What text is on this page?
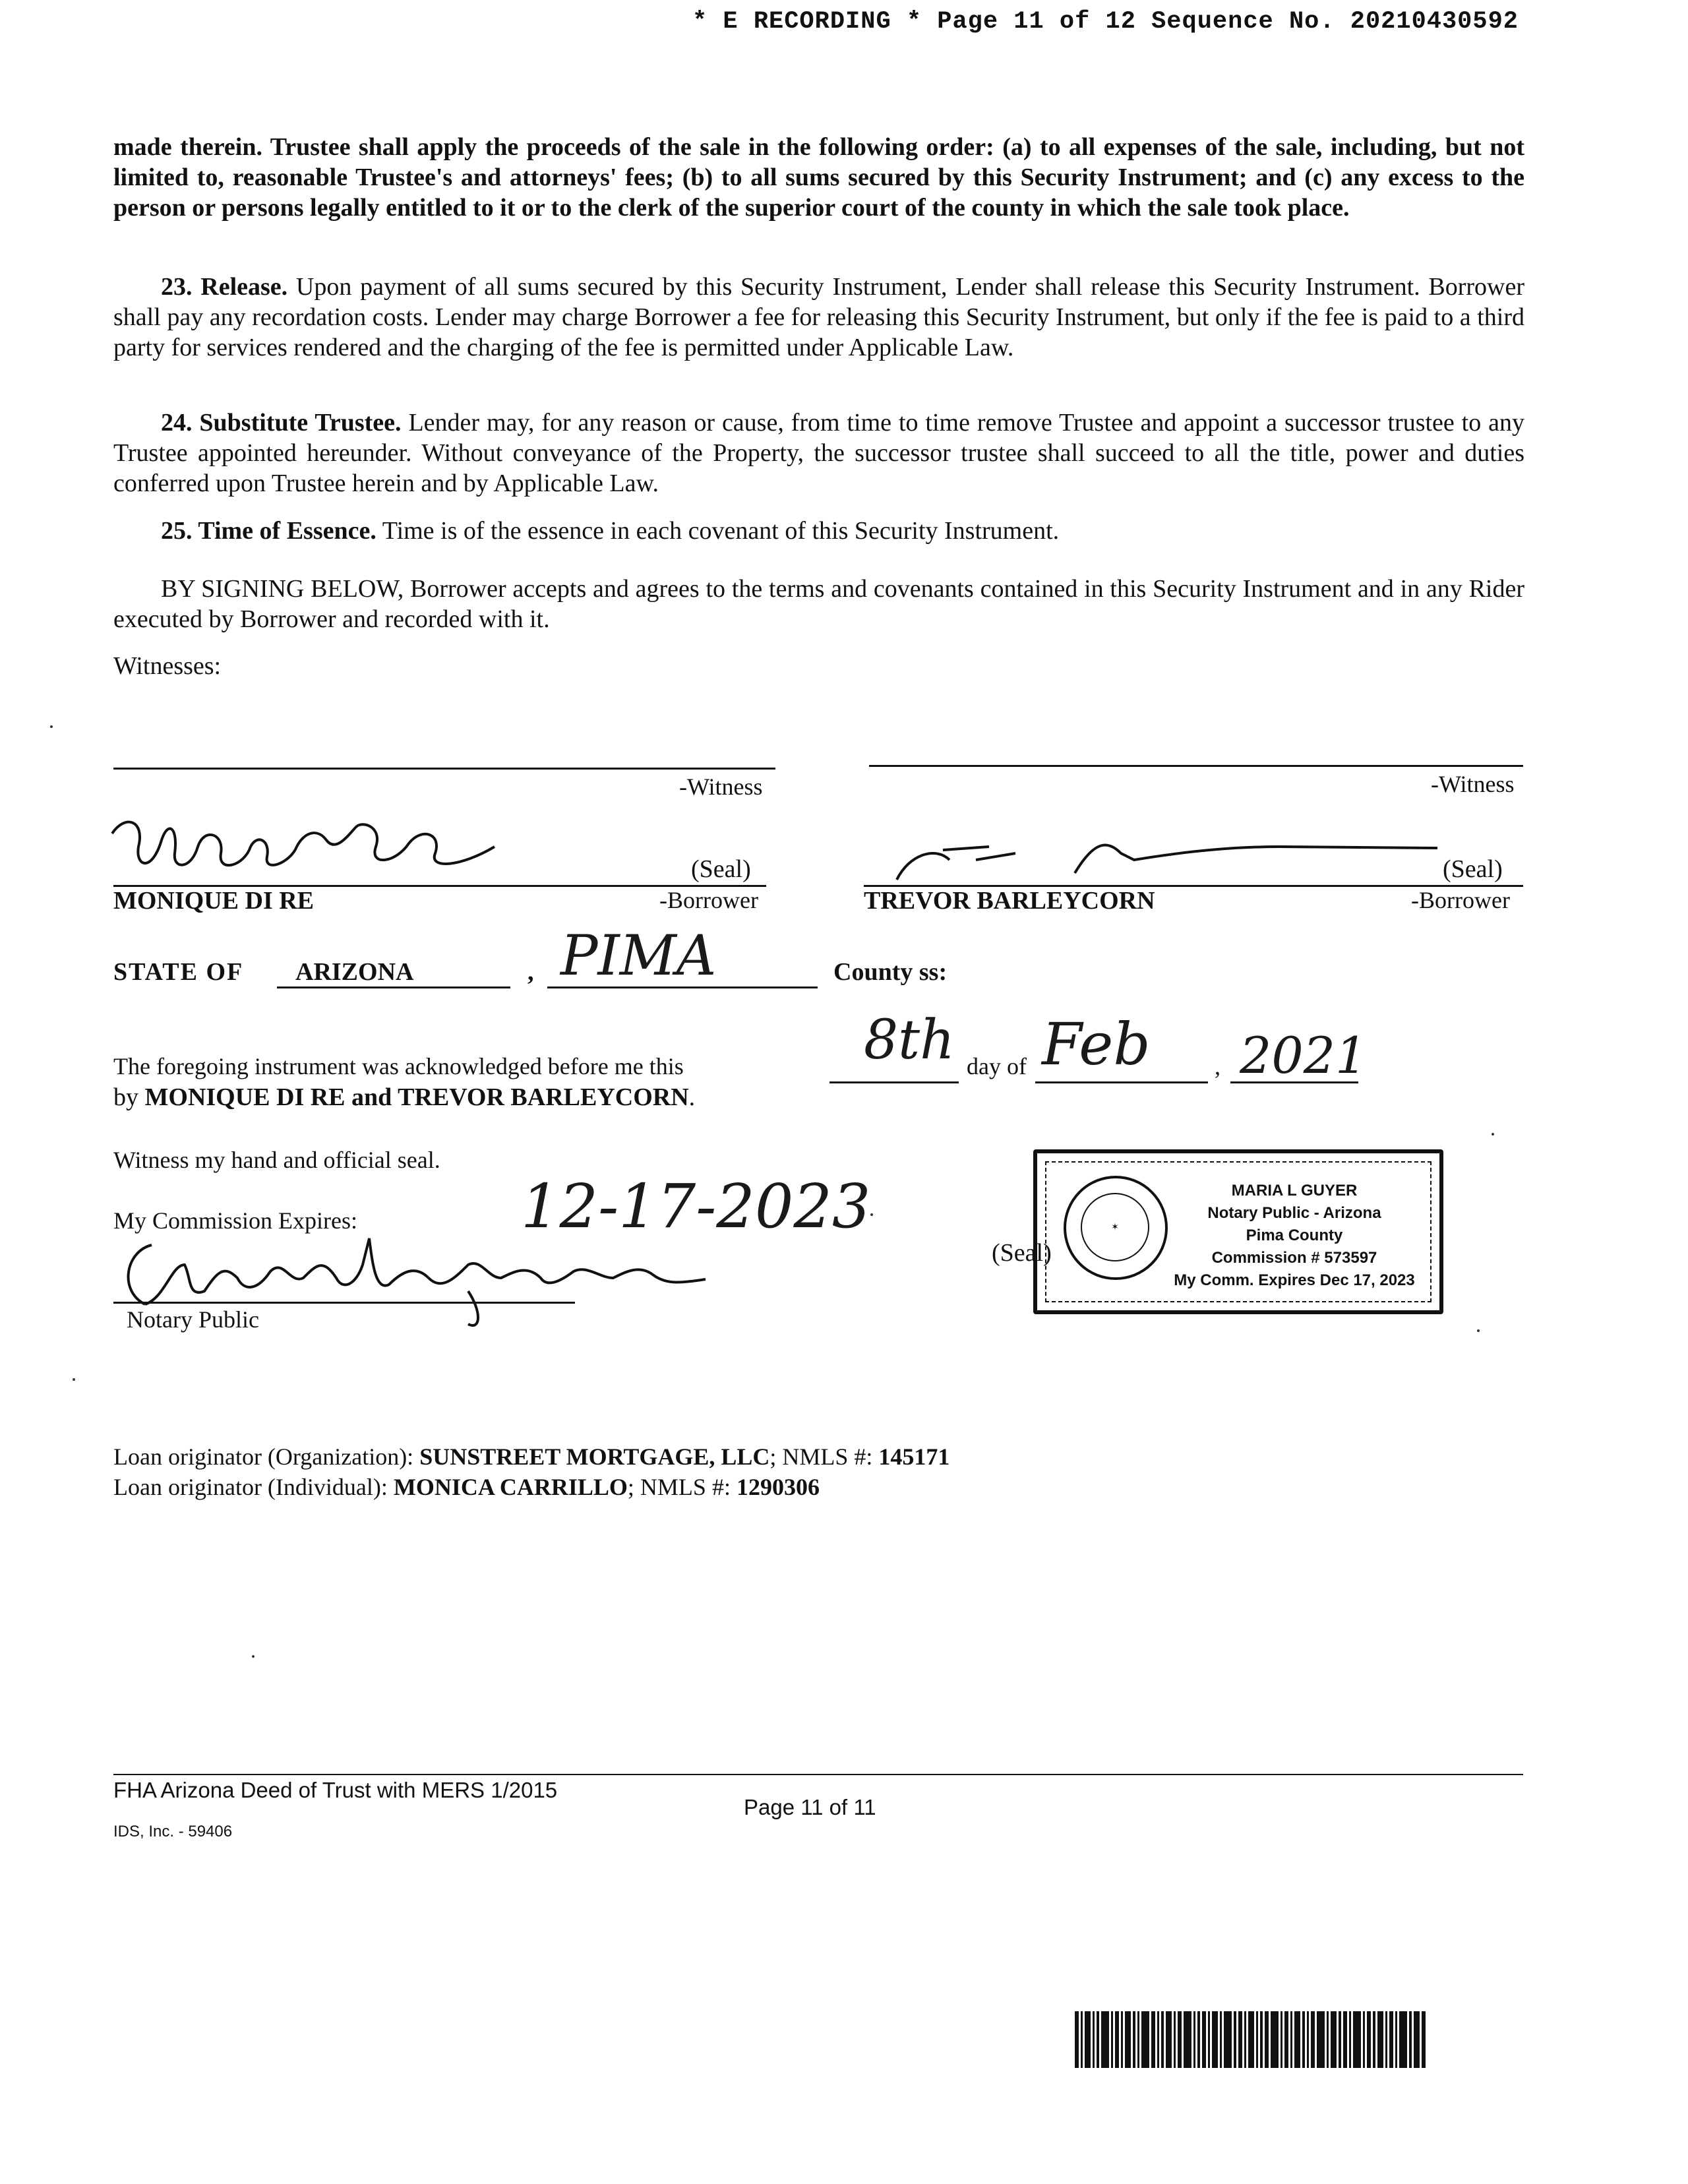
* E RECORDING * Page 11 of 12 Sequence No. 20210430592

made therein. Trustee shall apply the proceeds of the sale in the following order: (a) to all expenses of the sale, including, but not limited to, reasonable Trustee's and attorneys' fees; (b) to all sums secured by this Security Instrument; and (c) any excess to the person or persons legally entitled to it or to the clerk of the superior court of the county in which the sale took place.

23. Release. Upon payment of all sums secured by this Security Instrument, Lender shall release this Security Instrument. Borrower shall pay any recordation costs. Lender may charge Borrower a fee for releasing this Security Instrument, but only if the fee is paid to a third party for services rendered and the charging of the fee is permitted under Applicable Law.

24. Substitute Trustee. Lender may, for any reason or cause, from time to time remove Trustee and appoint a successor trustee to any Trustee appointed hereunder. Without conveyance of the Property, the successor trustee shall succeed to all the title, power and duties conferred upon Trustee herein and by Applicable Law.

25. Time of Essence. Time is of the essence in each covenant of this Security Instrument.

BY SIGNING BELOW, Borrower accepts and agrees to the terms and covenants contained in this Security Instrument and in any Rider executed by Borrower and recorded with it.

Witnesses:
-Witness	-Witness
(Seal)
MONIQUE DI RE	-Borrower
(Seal)
TREVOR BARLEYCORN	-Borrower
STATE OF ARIZONA	, PIMA	County ss:
The foregoing instrument was acknowledged before me this	8th day of Feb	, 2021
by MONIQUE DI RE and TREVOR BARLEYCORN.
Witness my hand and official seal.
My Commission Expires:	12-17-2023
Notary Public
(Seal)
✶
MARIA L GUYER
Notary Public - Arizona
Pima County
Commission # 573597
My Comm. Expires Dec 17, 2023
Loan originator (Organization): SUNSTREET MORTGAGE, LLC; NMLS #: 145171
Loan originator (Individual): MONICA CARRILLO; NMLS #: 1290306
FHA Arizona Deed of Trust with MERS 1/2015
Page 11 of 11
IDS, Inc. - 59406
